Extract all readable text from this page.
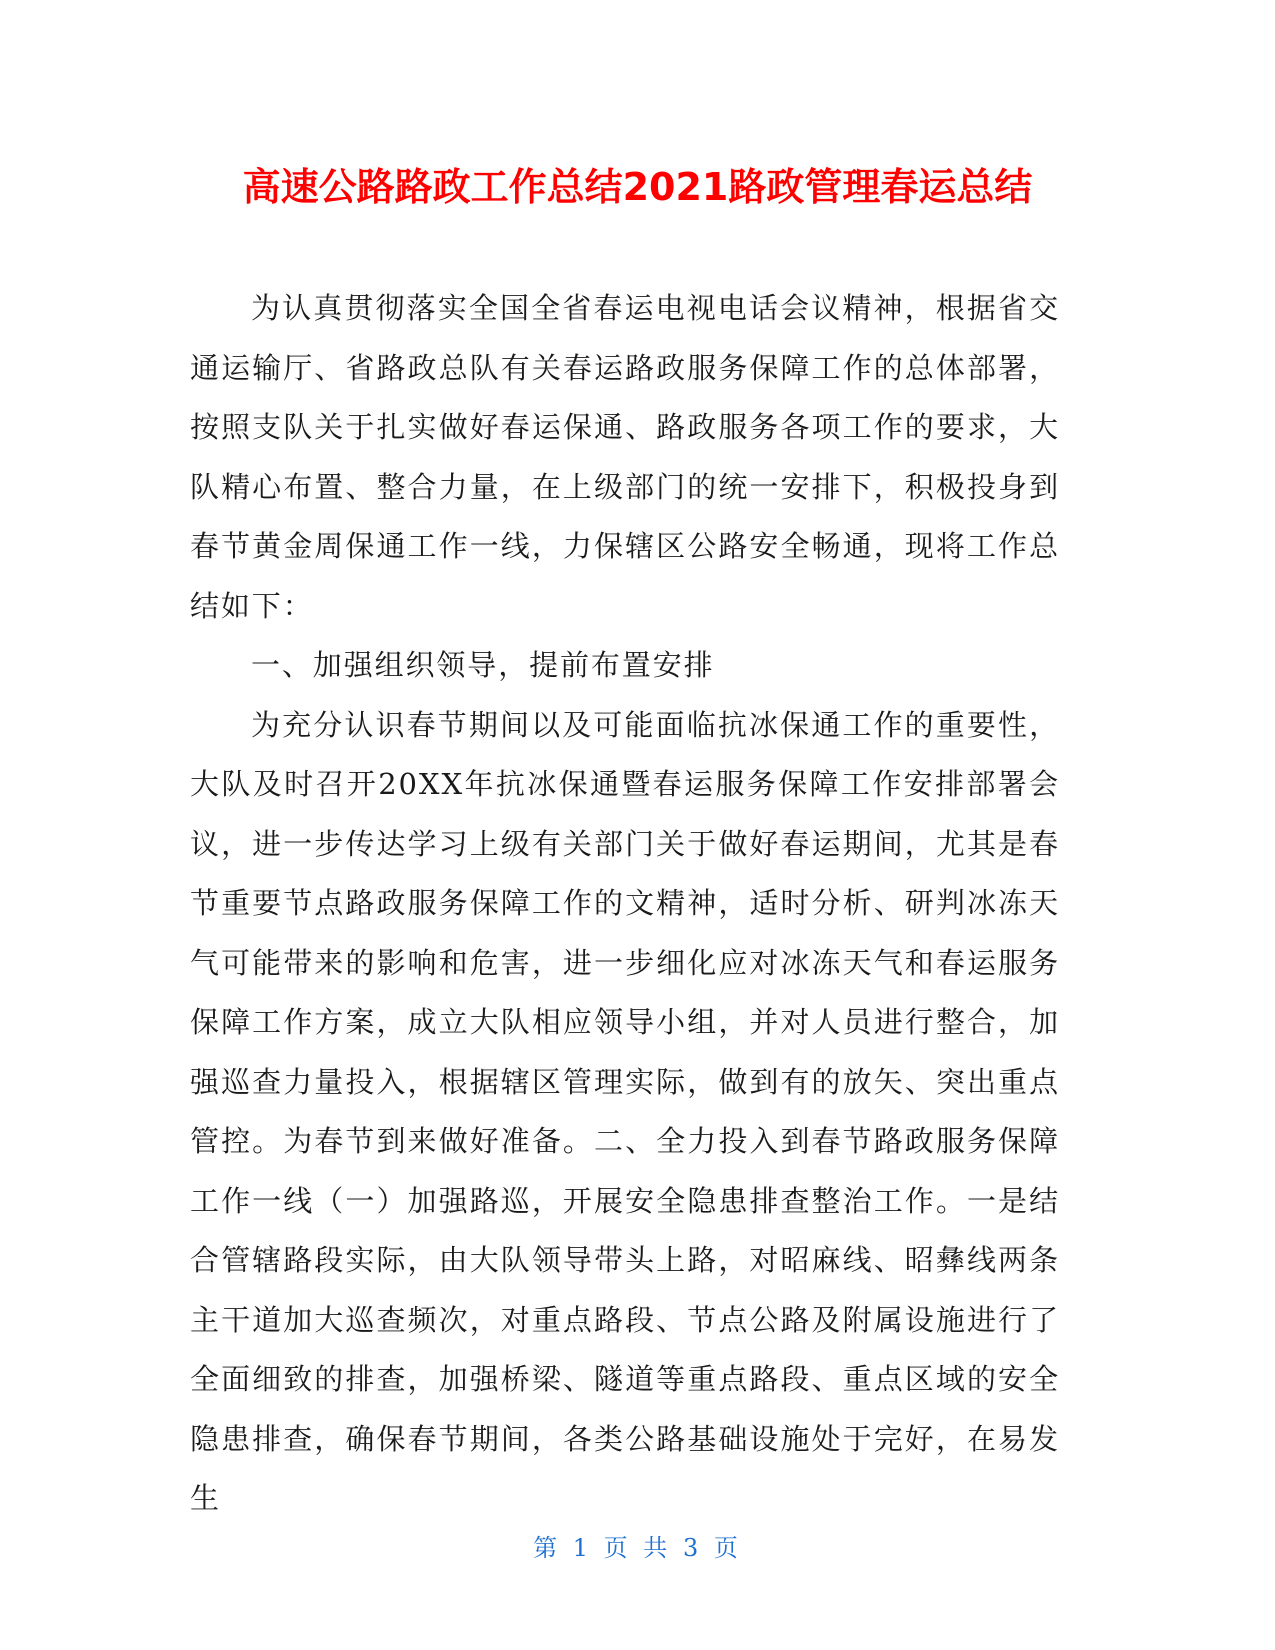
高速公路路政工作总结2021路政管理春运总结

为认真贯彻落实全国全省春运电视电话会议精神，根据省交通运输厅、省路政总队有关春运路政服务保障工作的总体部署，按照支队关于扎实做好春运保通、路政服务各项工作的要求，大队精心布置、整合力量，在上级部门的统一安排下，积极投身到春节黄金周保通工作一线，力保辖区公路安全畅通，现将工作总结如下：

一、加强组织领导，提前布置安排

为充分认识春节期间以及可能面临抗冰保通工作的重要性，大队及时召开20XX年抗冰保通暨春运服务保障工作安排部署会议，进一步传达学习上级有关部门关于做好春运期间，尤其是春节重要节点路政服务保障工作的文精神，适时分析、研判冰冻天气可能带来的影响和危害，进一步细化应对冰冻天气和春运服务保障工作方案，成立大队相应领导小组，并对人员进行整合，加强巡查力量投入，根据辖区管理实际，做到有的放矢、突出重点管控。为春节到来做好准备。二、全力投入到春节路政服务保障工作一线（一）加强路巡，开展安全隐患排查整治工作。一是结合管辖路段实际，由大队领导带头上路，对昭麻线、昭彝线两条主干道加大巡查频次，对重点路段、节点公路及附属设施进行了全面细致的排查，加强桥梁、隧道等重点路段、重点区域的安全隐患排查，确保春节期间，各类公路基础设施处于完好，在易发生

第 1 页 共 3 页
